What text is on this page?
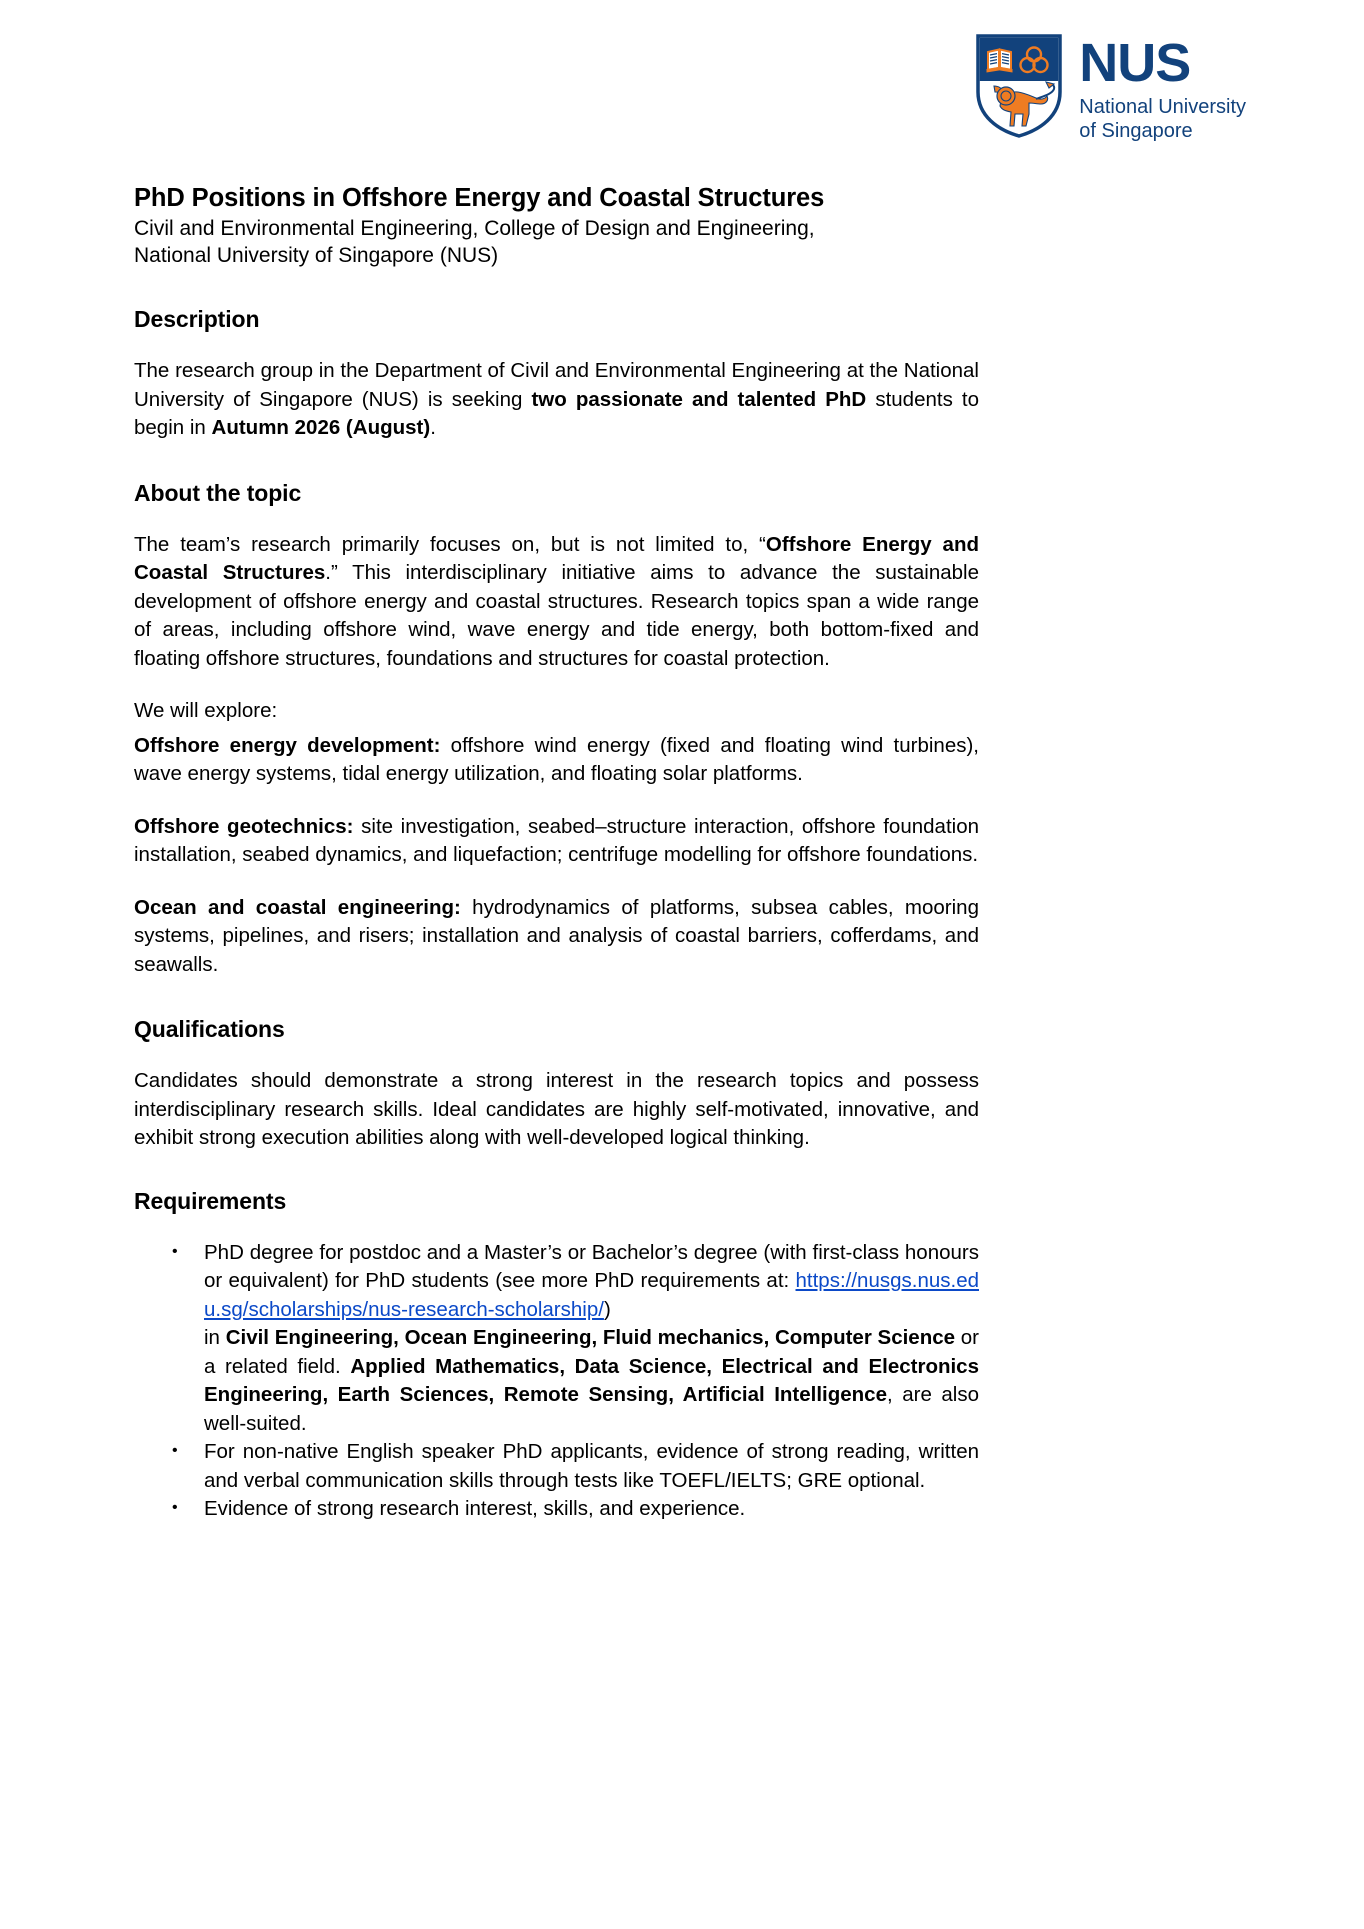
NUS
National University
of Singapore
PhD Positions in Offshore Energy and Coastal Structures

Civil and Environmental Engineering, College of Design and Engineering,

National University of Singapore (NUS)

Description

The research group in the Department of Civil and Environmental Engineering at the National University of Singapore (NUS) is seeking two passionate and talented PhD students to begin in Autumn 2026 (August).

About the topic

The team’s research primarily focuses on, but is not limited to, “Offshore Energy and Coastal Structures.” This interdisciplinary initiative aims to advance the sustainable development of offshore energy and coastal structures. Research topics span a wide range of areas, including offshore wind, wave energy and tide energy, both bottom-fixed and floating offshore structures, foundations and structures for coastal protection.

We will explore:

Offshore energy development: offshore wind energy (fixed and floating wind turbines), wave energy systems, tidal energy utilization, and floating solar platforms.

Offshore geotechnics: site investigation, seabed–structure interaction, offshore foundation installation, seabed dynamics, and liquefaction; centrifuge modelling for offshore foundations.

Ocean and coastal engineering: hydrodynamics of platforms, subsea cables, mooring systems, pipelines, and risers; installation and analysis of coastal barriers, cofferdams, and seawalls.

Qualifications

Candidates should demonstrate a strong interest in the research topics and possess interdisciplinary research skills. Ideal candidates are highly self-motivated, innovative, and exhibit strong execution abilities along with well-developed logical thinking.

Requirements
• PhD degree for postdoc and a Master’s or Bachelor’s degree (with first-class honours or equivalent) for PhD students (see more PhD requirements at: https://nusgs.nus.edu.sg/scholarships/nus-research-scholarship/)
in Civil Engineering, Ocean Engineering, Fluid mechanics, Computer Science or a related field. Applied Mathematics, Data Science, Electrical and Electronics Engineering, Earth Sciences, Remote Sensing, Artificial Intelligence, are also well-suited.
• For non-native English speaker PhD applicants, evidence of strong reading, written and verbal communication skills through tests like TOEFL/IELTS; GRE optional.
• Evidence of strong research interest, skills, and experience.
